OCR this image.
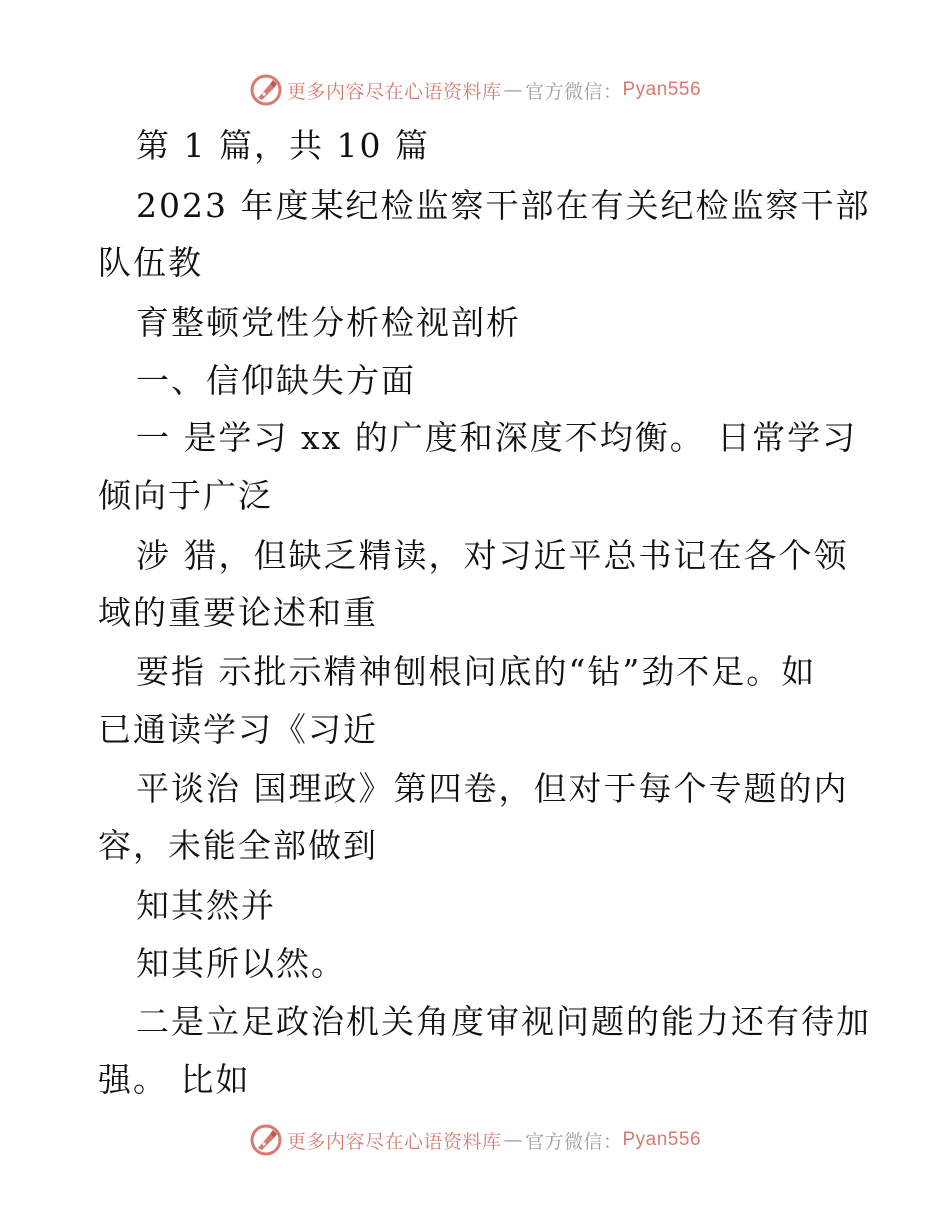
更多内容尽在心语资料库 — 官方微信： Pyan556
第 1 篇，共 10 篇
2023 年度某纪检监察干部在有关纪检监察干部
队伍教
育整顿党性分析检视剖析
一、信仰缺失方面
一 是学习 xx 的广度和深度不均衡。 日常学习
倾向于广泛
涉 猎，但缺乏精读，对习近平总书记在各个领
域的重要论述和重
要指 示批示精神刨根问底的“钻”劲不足。如
已通读学习《习近
平谈治 国理政》第四卷，但对于每个专题的内
容，未能全部做到
知其然并
知其所以然。
二是立足政治机关角度审视问题的能力还有待加
强。 比如
更多内容尽在心语资料库 — 官方微信： Pyan556
